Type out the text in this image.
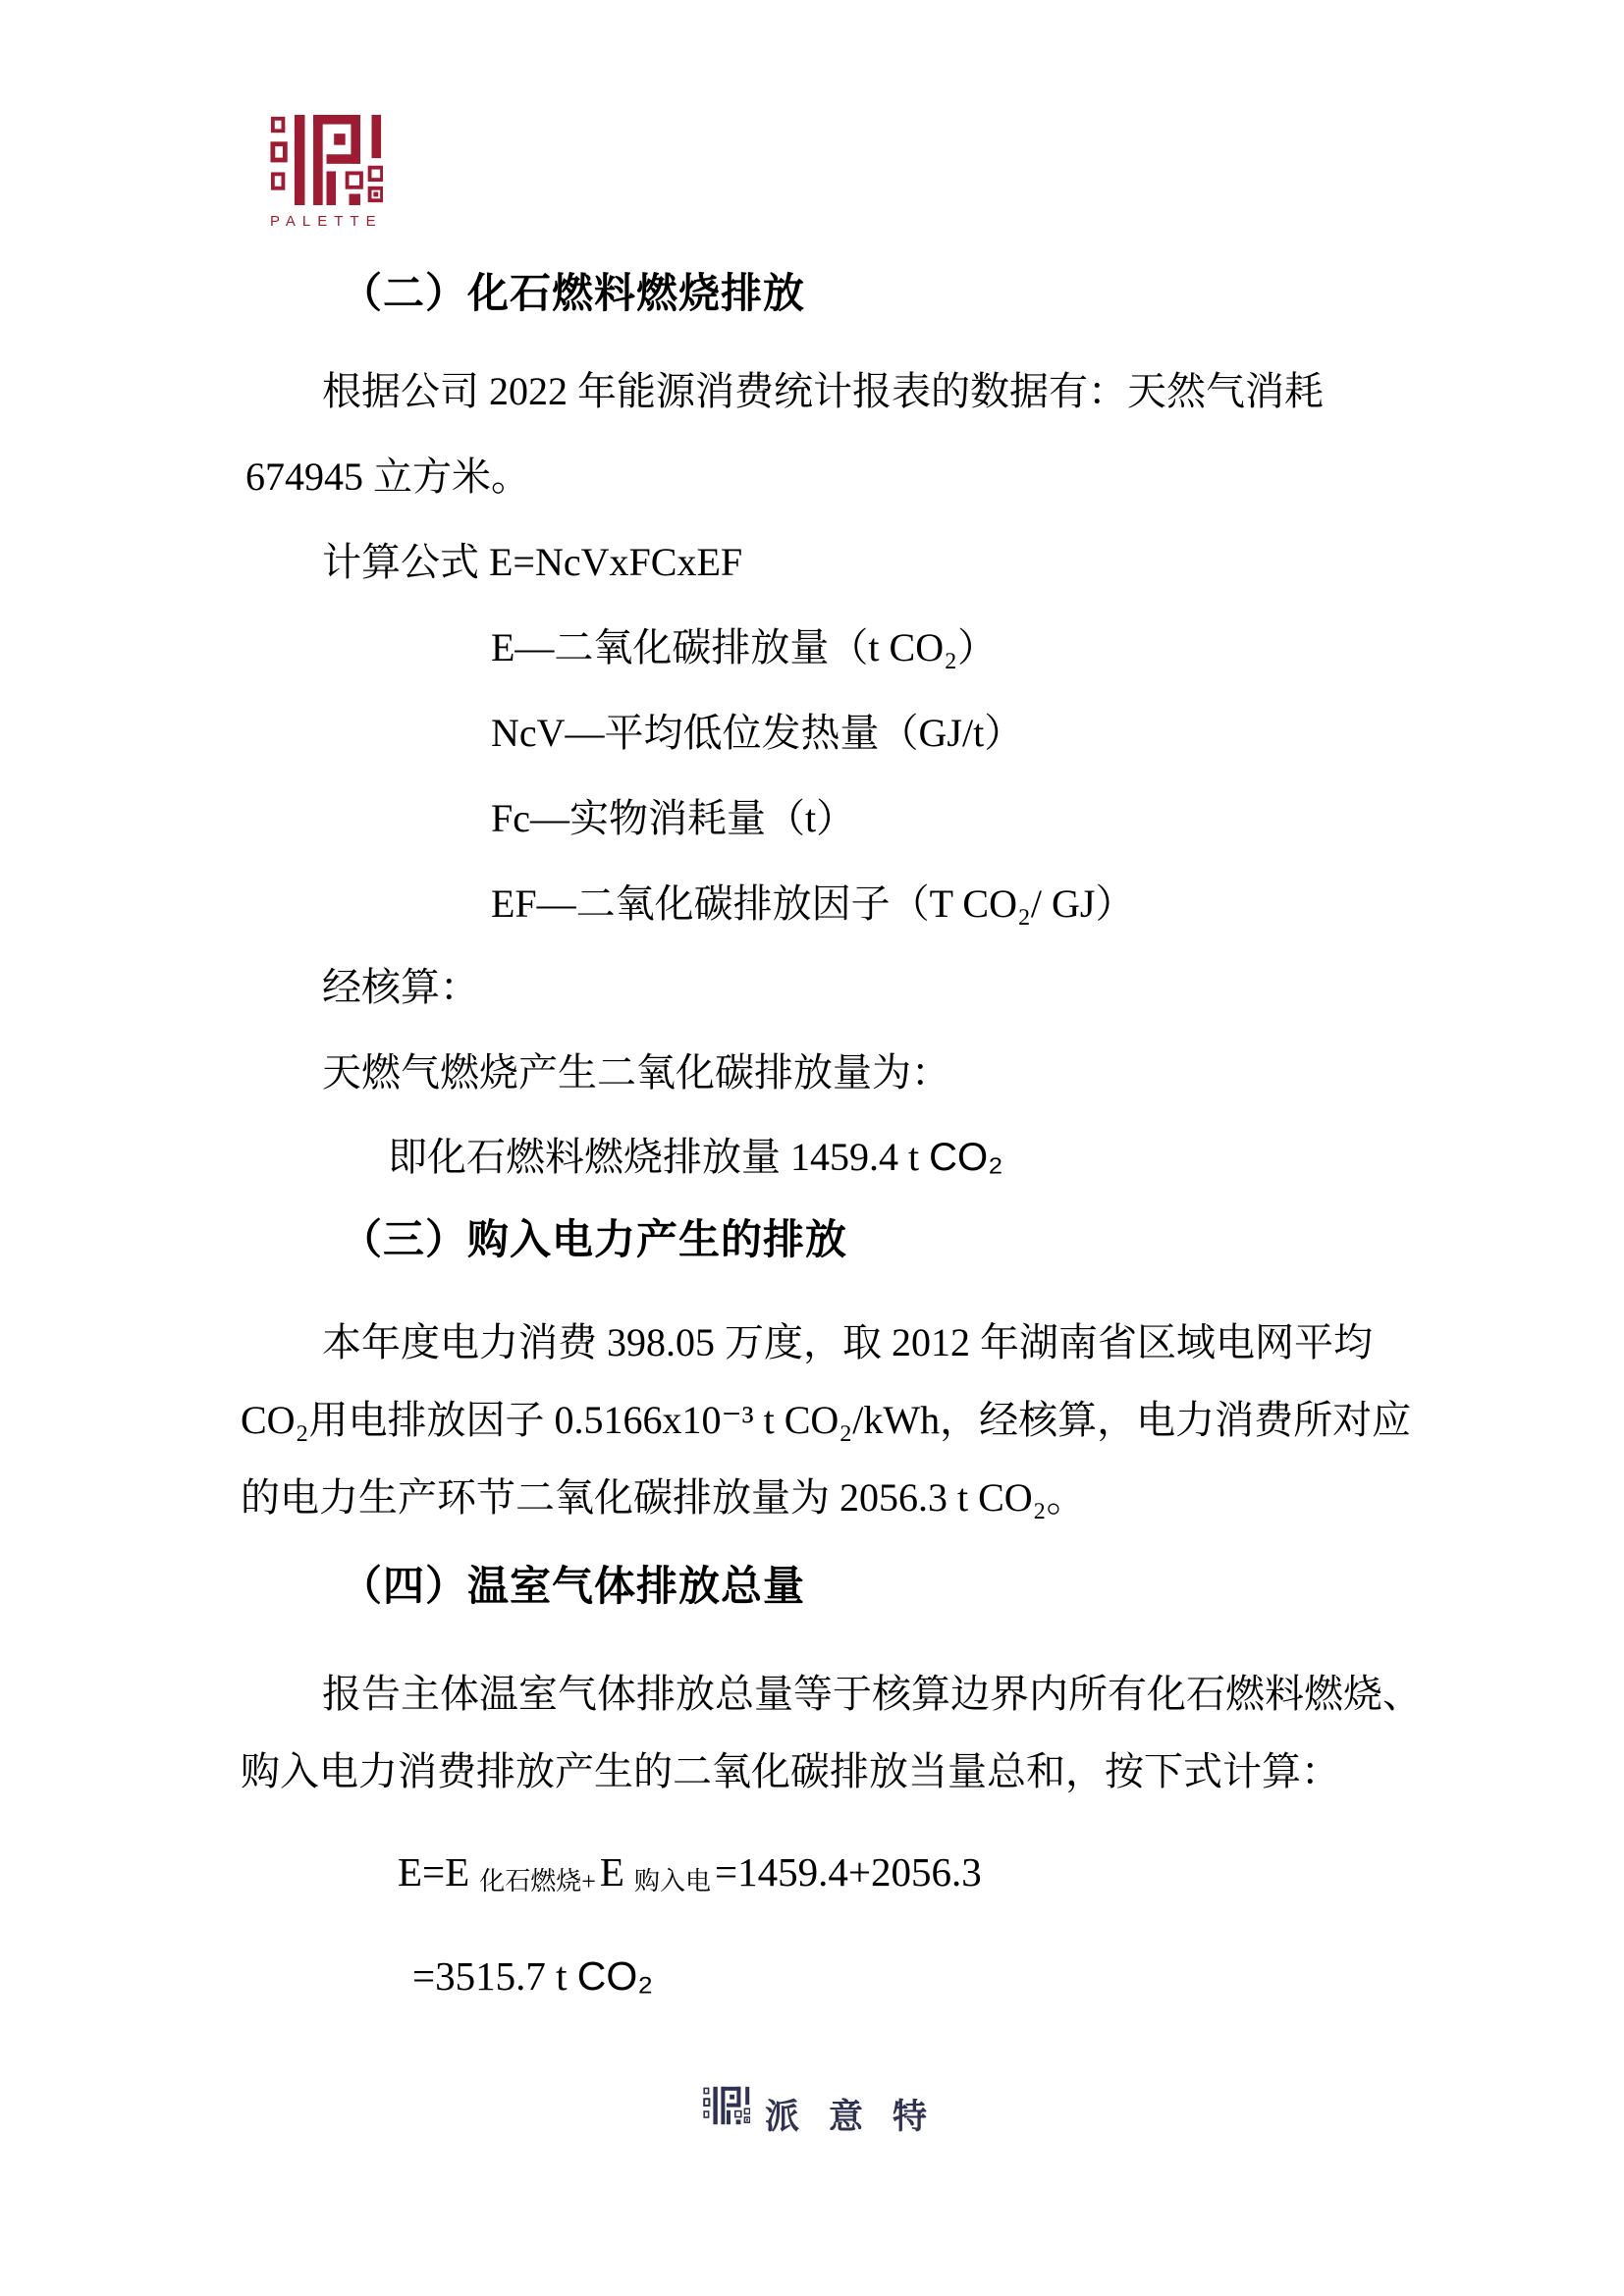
PALETTE
（二）化石燃料燃烧排放
根据公司 2022 年能源消费统计报表的数据有：天然气消耗
674945 立方米。
计算公式 E=NcVxFCxEF
E—二氧化碳排放量（t CO₂）
NcV—平均低位发热量（GJ/t）
Fc—实物消耗量（t）
EF—二氧化碳排放因子（T CO₂/ GJ）
经核算：
天燃气燃烧产生二氧化碳排放量为：
即化石燃料燃烧排放量 1459.4 t CO₂
（三）购入电力产生的排放
本年度电力消费 398.05 万度，取 2012 年湖南省区域电网平均
CO₂用电排放因子 0.5166x10⁻³ t CO₂/kWh，经核算，电力消费所对应
的电力生产环节二氧化碳排放量为 2056.3 t CO₂。
（四）温室气体排放总量
报告主体温室气体排放总量等于核算边界内所有化石燃料燃烧、
购入电力消费排放产生的二氧化碳排放当量总和，按下式计算：
E=E 化石燃烧+E 购入电=1459.4+2056.3
=3515.7 t CO₂
派意特
